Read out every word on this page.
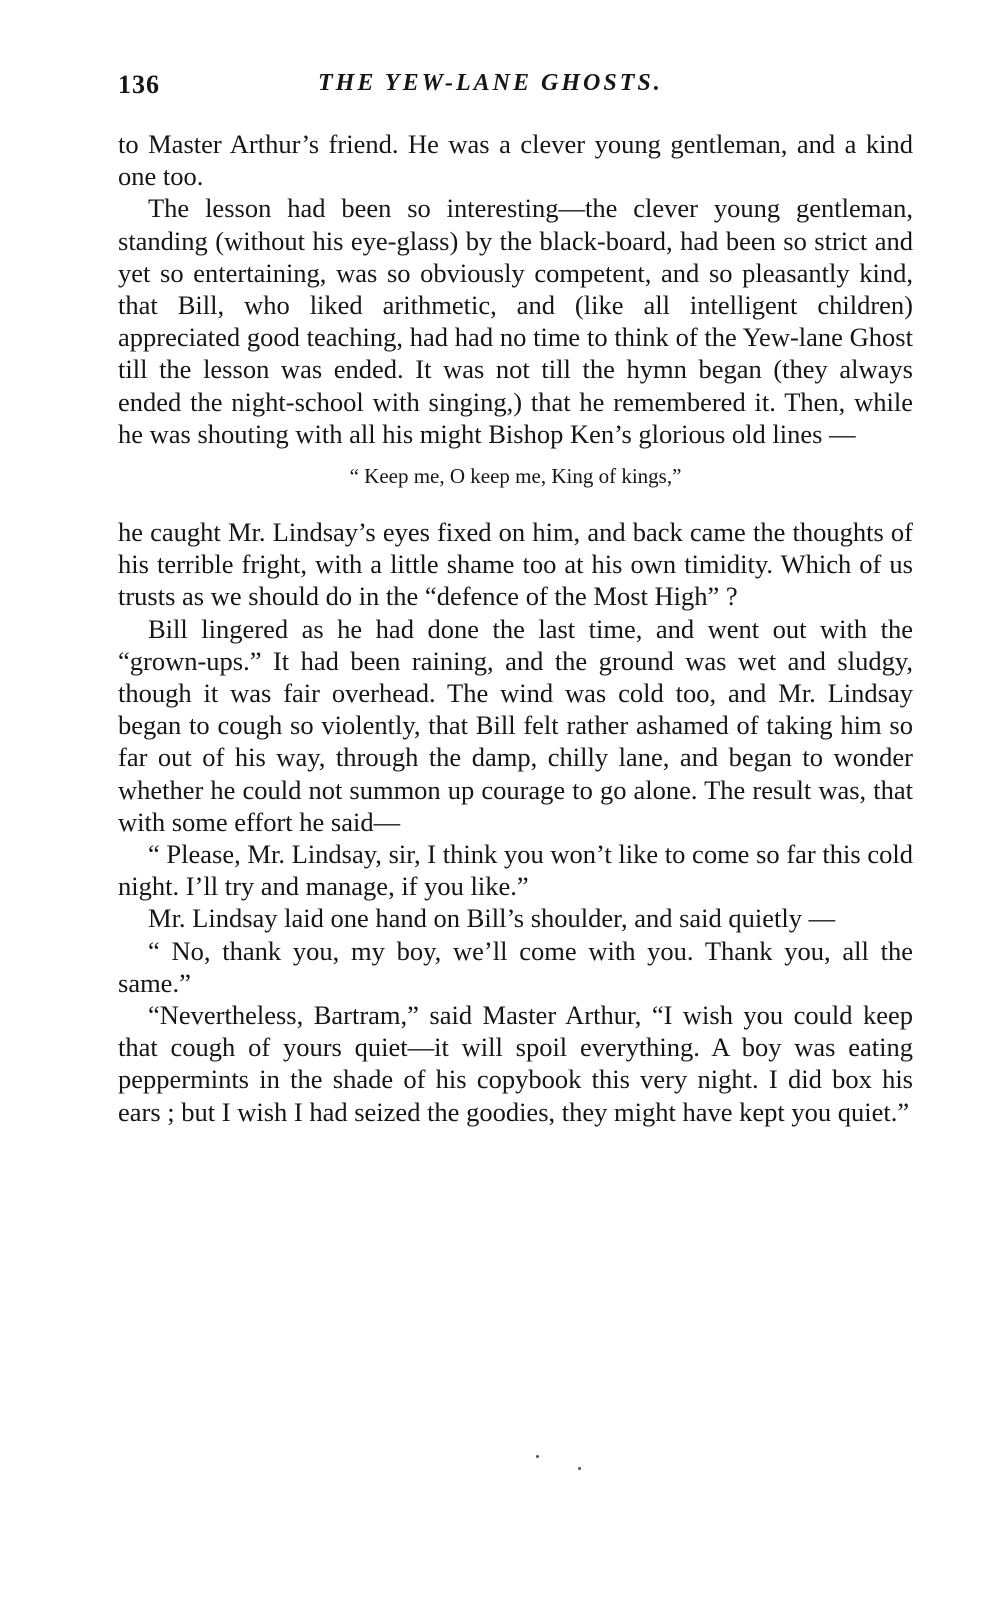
136	THE YEW-LANE GHOSTS.

to Master Arthur’s friend. He was a clever young gentleman, and a kind one too.

The lesson had been so interesting—the clever young gentleman, standing (without his eye-glass) by the black-board, had been so strict and yet so entertaining, was so obviously competent, and so pleasantly kind, that Bill, who liked arithmetic, and (like all intelligent children) appreciated good teaching, had had no time to think of the Yew-lane Ghost till the lesson was ended. It was not till the hymn began (they always ended the night-school with singing,) that he remembered it. Then, while he was shouting with all his might Bishop Ken’s glorious old lines —

“ Keep me, O keep me, King of kings,”

he caught Mr. Lindsay’s eyes fixed on him, and back came the thoughts of his terrible fright, with a little shame too at his own timidity. Which of us trusts as we should do in the “defence of the Most High” ?

Bill lingered as he had done the last time, and went out with the “grown-ups.” It had been raining, and the ground was wet and sludgy, though it was fair overhead. The wind was cold too, and Mr. Lindsay began to cough so violently, that Bill felt rather ashamed of taking him so far out of his way, through the damp, chilly lane, and began to wonder whether he could not summon up courage to go alone. The result was, that with some effort he said—

“ Please, Mr. Lindsay, sir, I think you won’t like to come so far this cold night. I’ll try and manage, if you like.”

Mr. Lindsay laid one hand on Bill’s shoulder, and said quietly —

“ No, thank you, my boy, we’ll come with you. Thank you, all the same.”

“Nevertheless, Bartram,” said Master Arthur, “I wish you could keep that cough of yours quiet—it will spoil everything. A boy was eating peppermints in the shade of his copybook this very night. I did box his ears ; but I wish I had seized the goodies, they might have kept you quiet.”
